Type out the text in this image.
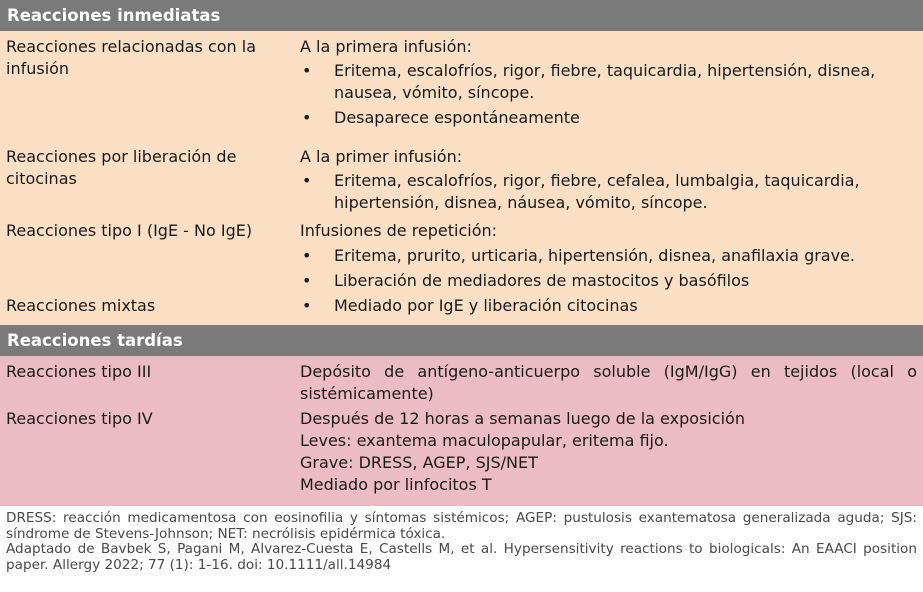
Reacciones inmediatas
Reacciones relacionadas con la infusión
A la primera infusión:
• Eritema, escalofríos, rigor, fiebre, taquicardia, hipertensión, disnea, nausea, vómito, síncope.
• Desaparece espontáneamente
Reacciones por liberación de citocinas
A la primer infusión:
• Eritema, escalofríos, rigor, fiebre, cefalea, lumbalgia, taquicardia, hipertensión, disnea, náusea, vómito, síncope.
Reacciones tipo I (IgE - No IgE)	Infusiones de repetición:
• Eritema, prurito, urticaria, hipertensión, disnea, anafilaxia grave.
• Liberación de mediadores de mastocitos y basófilos
Reacciones mixtas
•	Mediado por IgE y liberación citocinas
Reacciones tardías
Reacciones tipo III	Depósito de antígeno-anticuerpo soluble (IgM/IgG) en tejidos (local o sistémicamente)
Reacciones tipo IV	Después de 12 horas a semanas luego de la exposición
Leves: exantema maculopapular, eritema fijo.
Grave: DRESS, AGEP, SJS/NET
Mediado por linfocitos T

DRESS: reacción medicamentosa con eosinofilia y síntomas sistémicos; AGEP: pustulosis exantematosa generalizada aguda; SJS: síndrome de Stevens-Johnson; NET: necrólisis epidérmica tóxica.

Adaptado de Bavbek S, Pagani M, Alvarez-Cuesta E, Castells M, et al. Hypersensitivity reactions to biologicals: An EAACI position paper. Allergy 2022; 77 (1): 1-16. doi: 10.1111/all.14984
